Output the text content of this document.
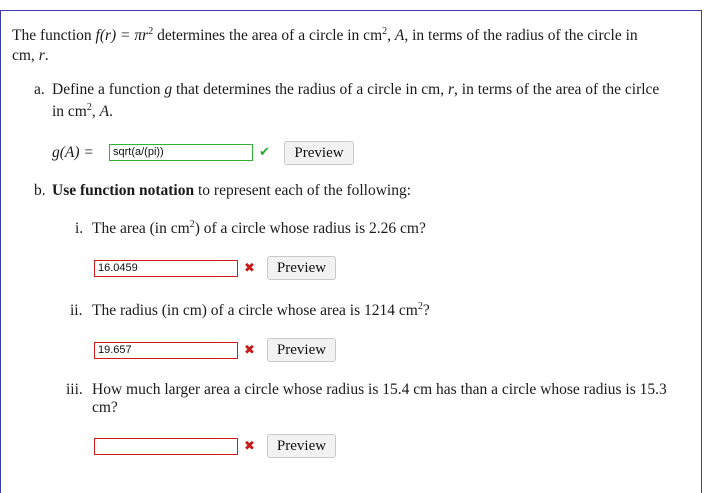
The function $f(r) = \pi r^2$ determines the area of a circle in $cm^2$, A, in terms of the radius of the circle in
cm, r.
a. Define a function g that determines the radius of a circle in cm, r, in terms of the area of the cirlce
in $cm^2$, A.
g(A) =	sqrt(a/(pi))	✔	Preview
b. Use function notation to represent each of the following:
i. The area (in $cm^2$) of a circle whose radius is 2.26 cm?
16.0459	✖	Preview
ii. The radius (in cm) of a circle whose area is 1214 $cm^2$?
19.657	✖	Preview
iii. How much larger area a circle whose radius is 15.4 cm has than a circle whose radius is 15.3
cm?
✖	Preview
